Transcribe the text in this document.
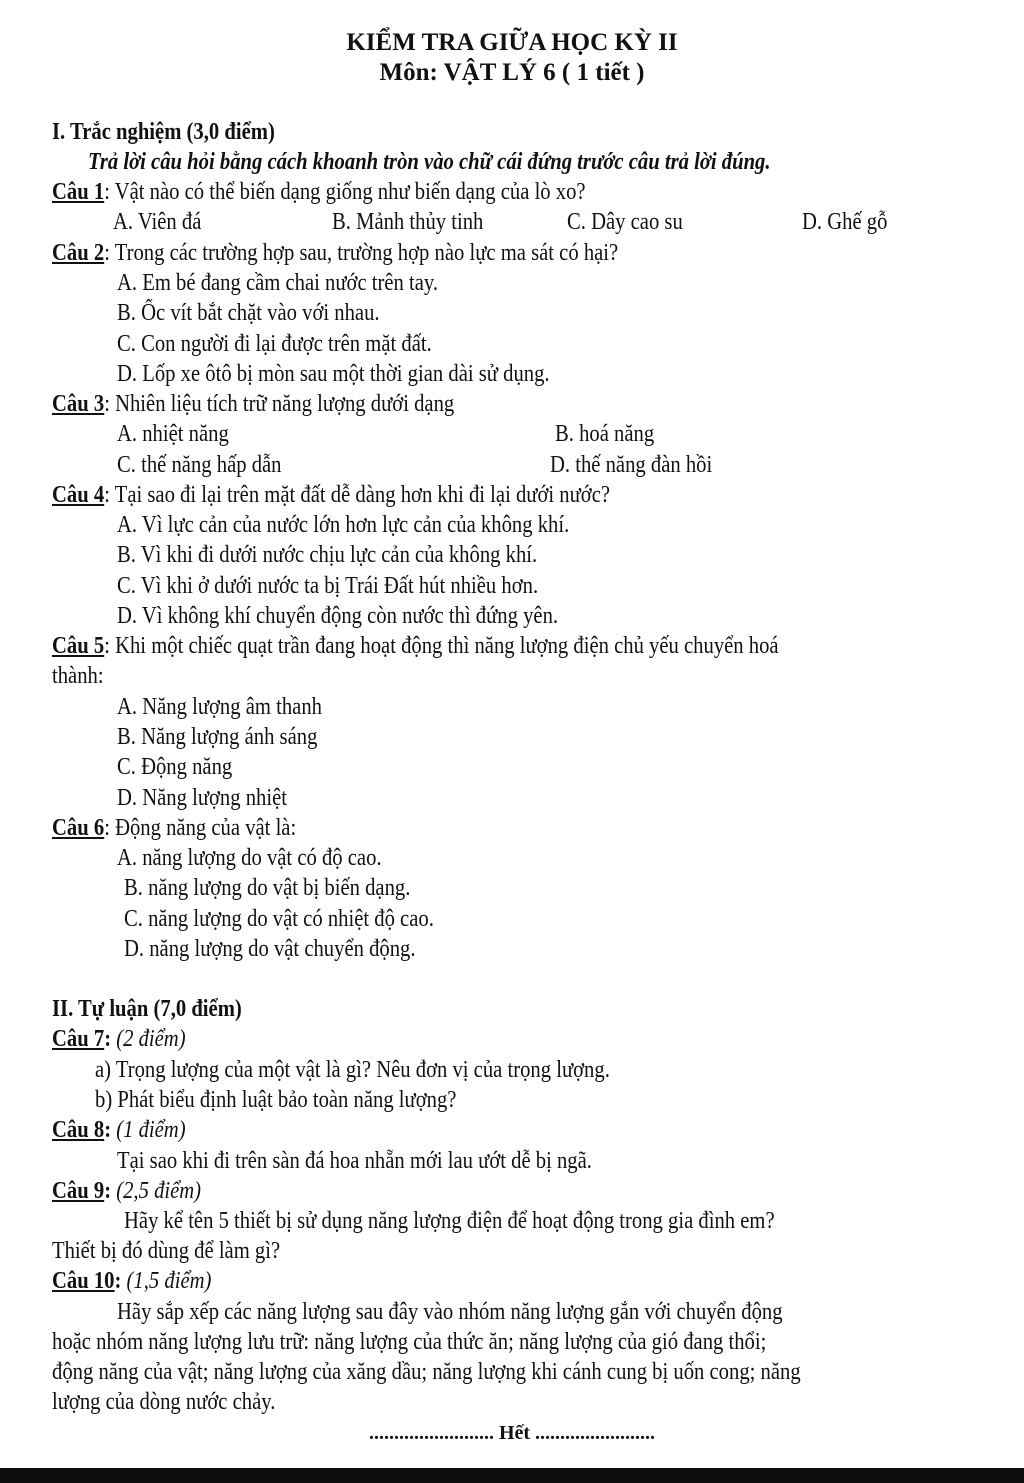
KIỂM TRA GIỮA HỌC KỲ II
Môn: VẬT LÝ 6 ( 1 tiết )
I. Trắc nghiệm (3,0 điểm)
Trả lời câu hỏi bằng cách khoanh tròn vào chữ cái đứng trước câu trả lời đúng.
Câu 1: Vật nào có thể biến dạng giống như biến dạng của lò xo?
A. Viên đá	B. Mảnh thủy tinh	C. Dây cao su	D. Ghế gỗ
Câu 2: Trong các trường hợp sau, trường hợp nào lực ma sát có hại?
A. Em bé đang cầm chai nước trên tay.
B. Ốc vít bắt chặt vào với nhau.
C. Con người đi lại được trên mặt đất.
D. Lốp xe ôtô bị mòn sau một thời gian dài sử dụng.
Câu 3: Nhiên liệu tích trữ năng lượng dưới dạng
A. nhiệt năng	B. hoá năng
C. thế năng hấp dẫn	D. thế năng đàn hồi
Câu 4: Tại sao đi lại trên mặt đất dễ dàng hơn khi đi lại dưới nước?
A. Vì lực cản của nước lớn hơn lực cản của không khí.
B. Vì khi đi dưới nước chịu lực cản của không khí.
C. Vì khi ở dưới nước ta bị Trái Đất hút nhiều hơn.
D. Vì không khí chuyển động còn nước thì đứng yên.
Câu 5: Khi một chiếc quạt trần đang hoạt động thì năng lượng điện chủ yếu chuyển hoá
thành:
A. Năng lượng âm thanh
B. Năng lượng ánh sáng
C. Động năng
D. Năng lượng nhiệt
Câu 6: Động năng của vật là:
A. năng lượng do vật có độ cao.
B. năng lượng do vật bị biến dạng.
C. năng lượng do vật có nhiệt độ cao.
D. năng lượng do vật chuyển động.
II. Tự luận (7,0 điểm)
Câu 7: (2 điểm)
a) Trọng lượng của một vật là gì? Nêu đơn vị của trọng lượng.
b) Phát biểu định luật bảo toàn năng lượng?
Câu 8: (1 điểm)
Tại sao khi đi trên sàn đá hoa nhẵn mới lau ướt dễ bị ngã.
Câu 9: (2,5 điểm)
Hãy kể tên 5 thiết bị sử dụng năng lượng điện để hoạt động trong gia đình em?
Thiết bị đó dùng để làm gì?
Câu 10: (1,5 điểm)
Hãy sắp xếp các năng lượng sau đây vào nhóm năng lượng gắn với chuyển động
hoặc nhóm năng lượng lưu trữ: năng lượng của thức ăn; năng lượng của gió đang thổi;
động năng của vật; năng lượng của xăng dầu; năng lượng khi cánh cung bị uốn cong; năng
lượng của dòng nước chảy.
......................... Hết ........................
